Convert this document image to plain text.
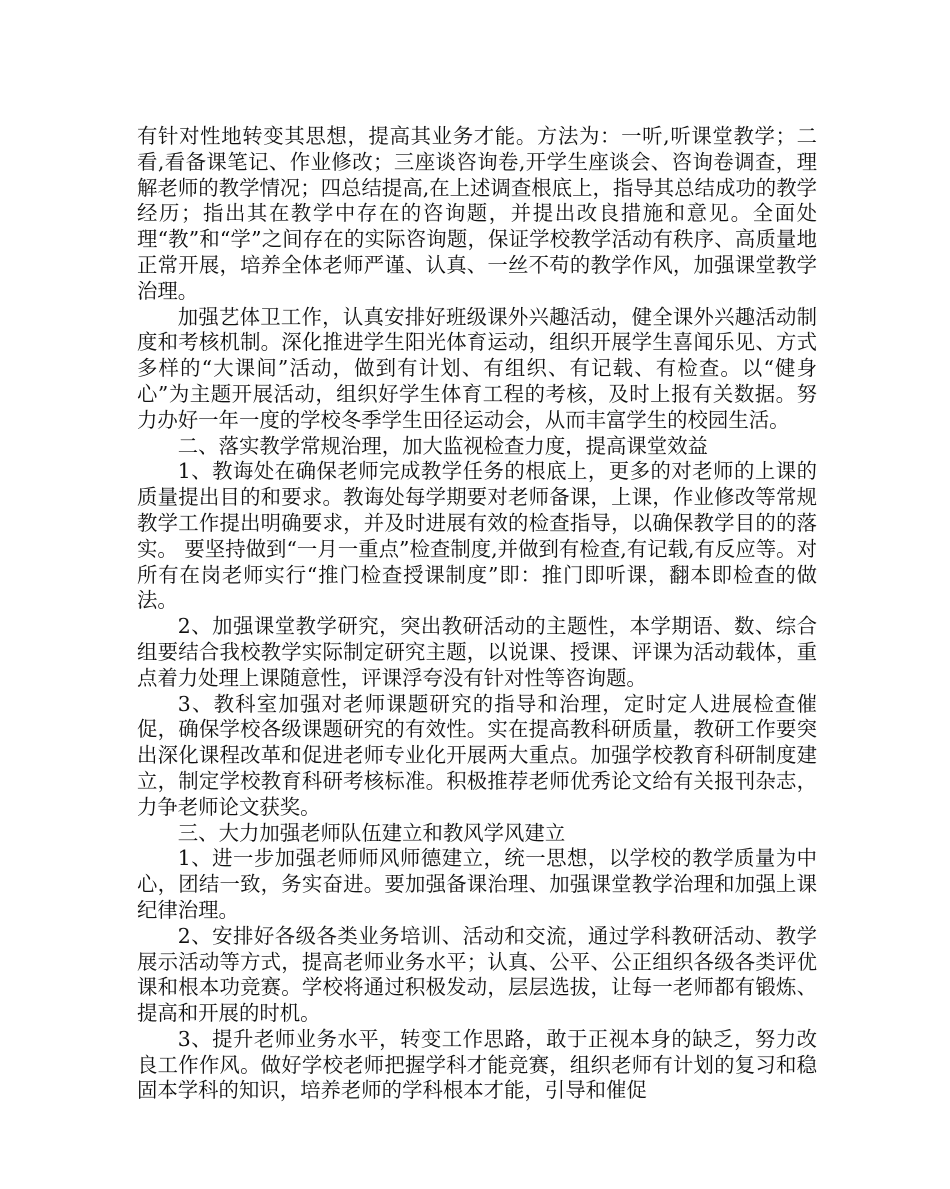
有针对性地转变其思想，提高其业务才能。方法为：一听,听课堂教学；二看,看备课笔记、作业修改；三座谈咨询卷,开学生座谈会、咨询卷调查，理解老师的教学情况；四总结提高,在上述调查根底上，指导其总结成功的教学经历；指出其在教学中存在的咨询题，并提出改良措施和意见。全面处理“教”和“学”之间存在的实际咨询题，保证学校教学活动有秩序、高质量地正常开展，培养全体老师严谨、认真、一丝不苟的教学作风，加强课堂教学治理。

加强艺体卫工作，认真安排好班级课外兴趣活动，健全课外兴趣活动制度和考核机制。深化推进学生阳光体育运动，组织开展学生喜闻乐见、方式多样的“大课间”活动，做到有计划、有组织、有记载、有检查。以“健身心”为主题开展活动，组织好学生体育工程的考核，及时上报有关数据。努力办好一年一度的学校冬季学生田径运动会，从而丰富学生的校园生活。

二、落实教学常规治理，加大监视检查力度，提高课堂效益

1、教诲处在确保老师完成教学任务的根底上，更多的对老师的上课的质量提出目的和要求。教诲处每学期要对老师备课，上课，作业修改等常规教学工作提出明确要求，并及时进展有效的检查指导，以确保教学目的的落实。 要坚持做到“一月一重点”检查制度,并做到有检查,有记载,有反应等。对所有在岗老师实行“推门检查授课制度”即：推门即听课，翻本即检查的做法。

2、加强课堂教学研究，突出教研活动的主题性，本学期语、数、综合组要结合我校教学实际制定研究主题，以说课、授课、评课为活动载体，重点着力处理上课随意性，评课浮夸没有针对性等咨询题。

3、教科室加强对老师课题研究的指导和治理，定时定人进展检查催促，确保学校各级课题研究的有效性。实在提高教科研质量，教研工作要突出深化课程改革和促进老师专业化开展两大重点。加强学校教育科研制度建立，制定学校教育科研考核标准。积极推荐老师优秀论文给有关报刊杂志，力争老师论文获奖。

三、大力加强老师队伍建立和教风学风建立

1、进一步加强老师师风师德建立，统一思想，以学校的教学质量为中心，团结一致，务实奋进。要加强备课治理、加强课堂教学治理和加强上课纪律治理。

2、安排好各级各类业务培训、活动和交流，通过学科教研活动、教学展示活动等方式，提高老师业务水平；认真、公平、公正组织各级各类评优课和根本功竞赛。学校将通过积极发动，层层选拔，让每一老师都有锻炼、提高和开展的时机。

3、提升老师业务水平，转变工作思路，敢于正视本身的缺乏，努力改良工作作风。做好学校老师把握学科才能竞赛，组织老师有计划的复习和稳固本学科的知识，培养老师的学科根本才能，引导和催促
